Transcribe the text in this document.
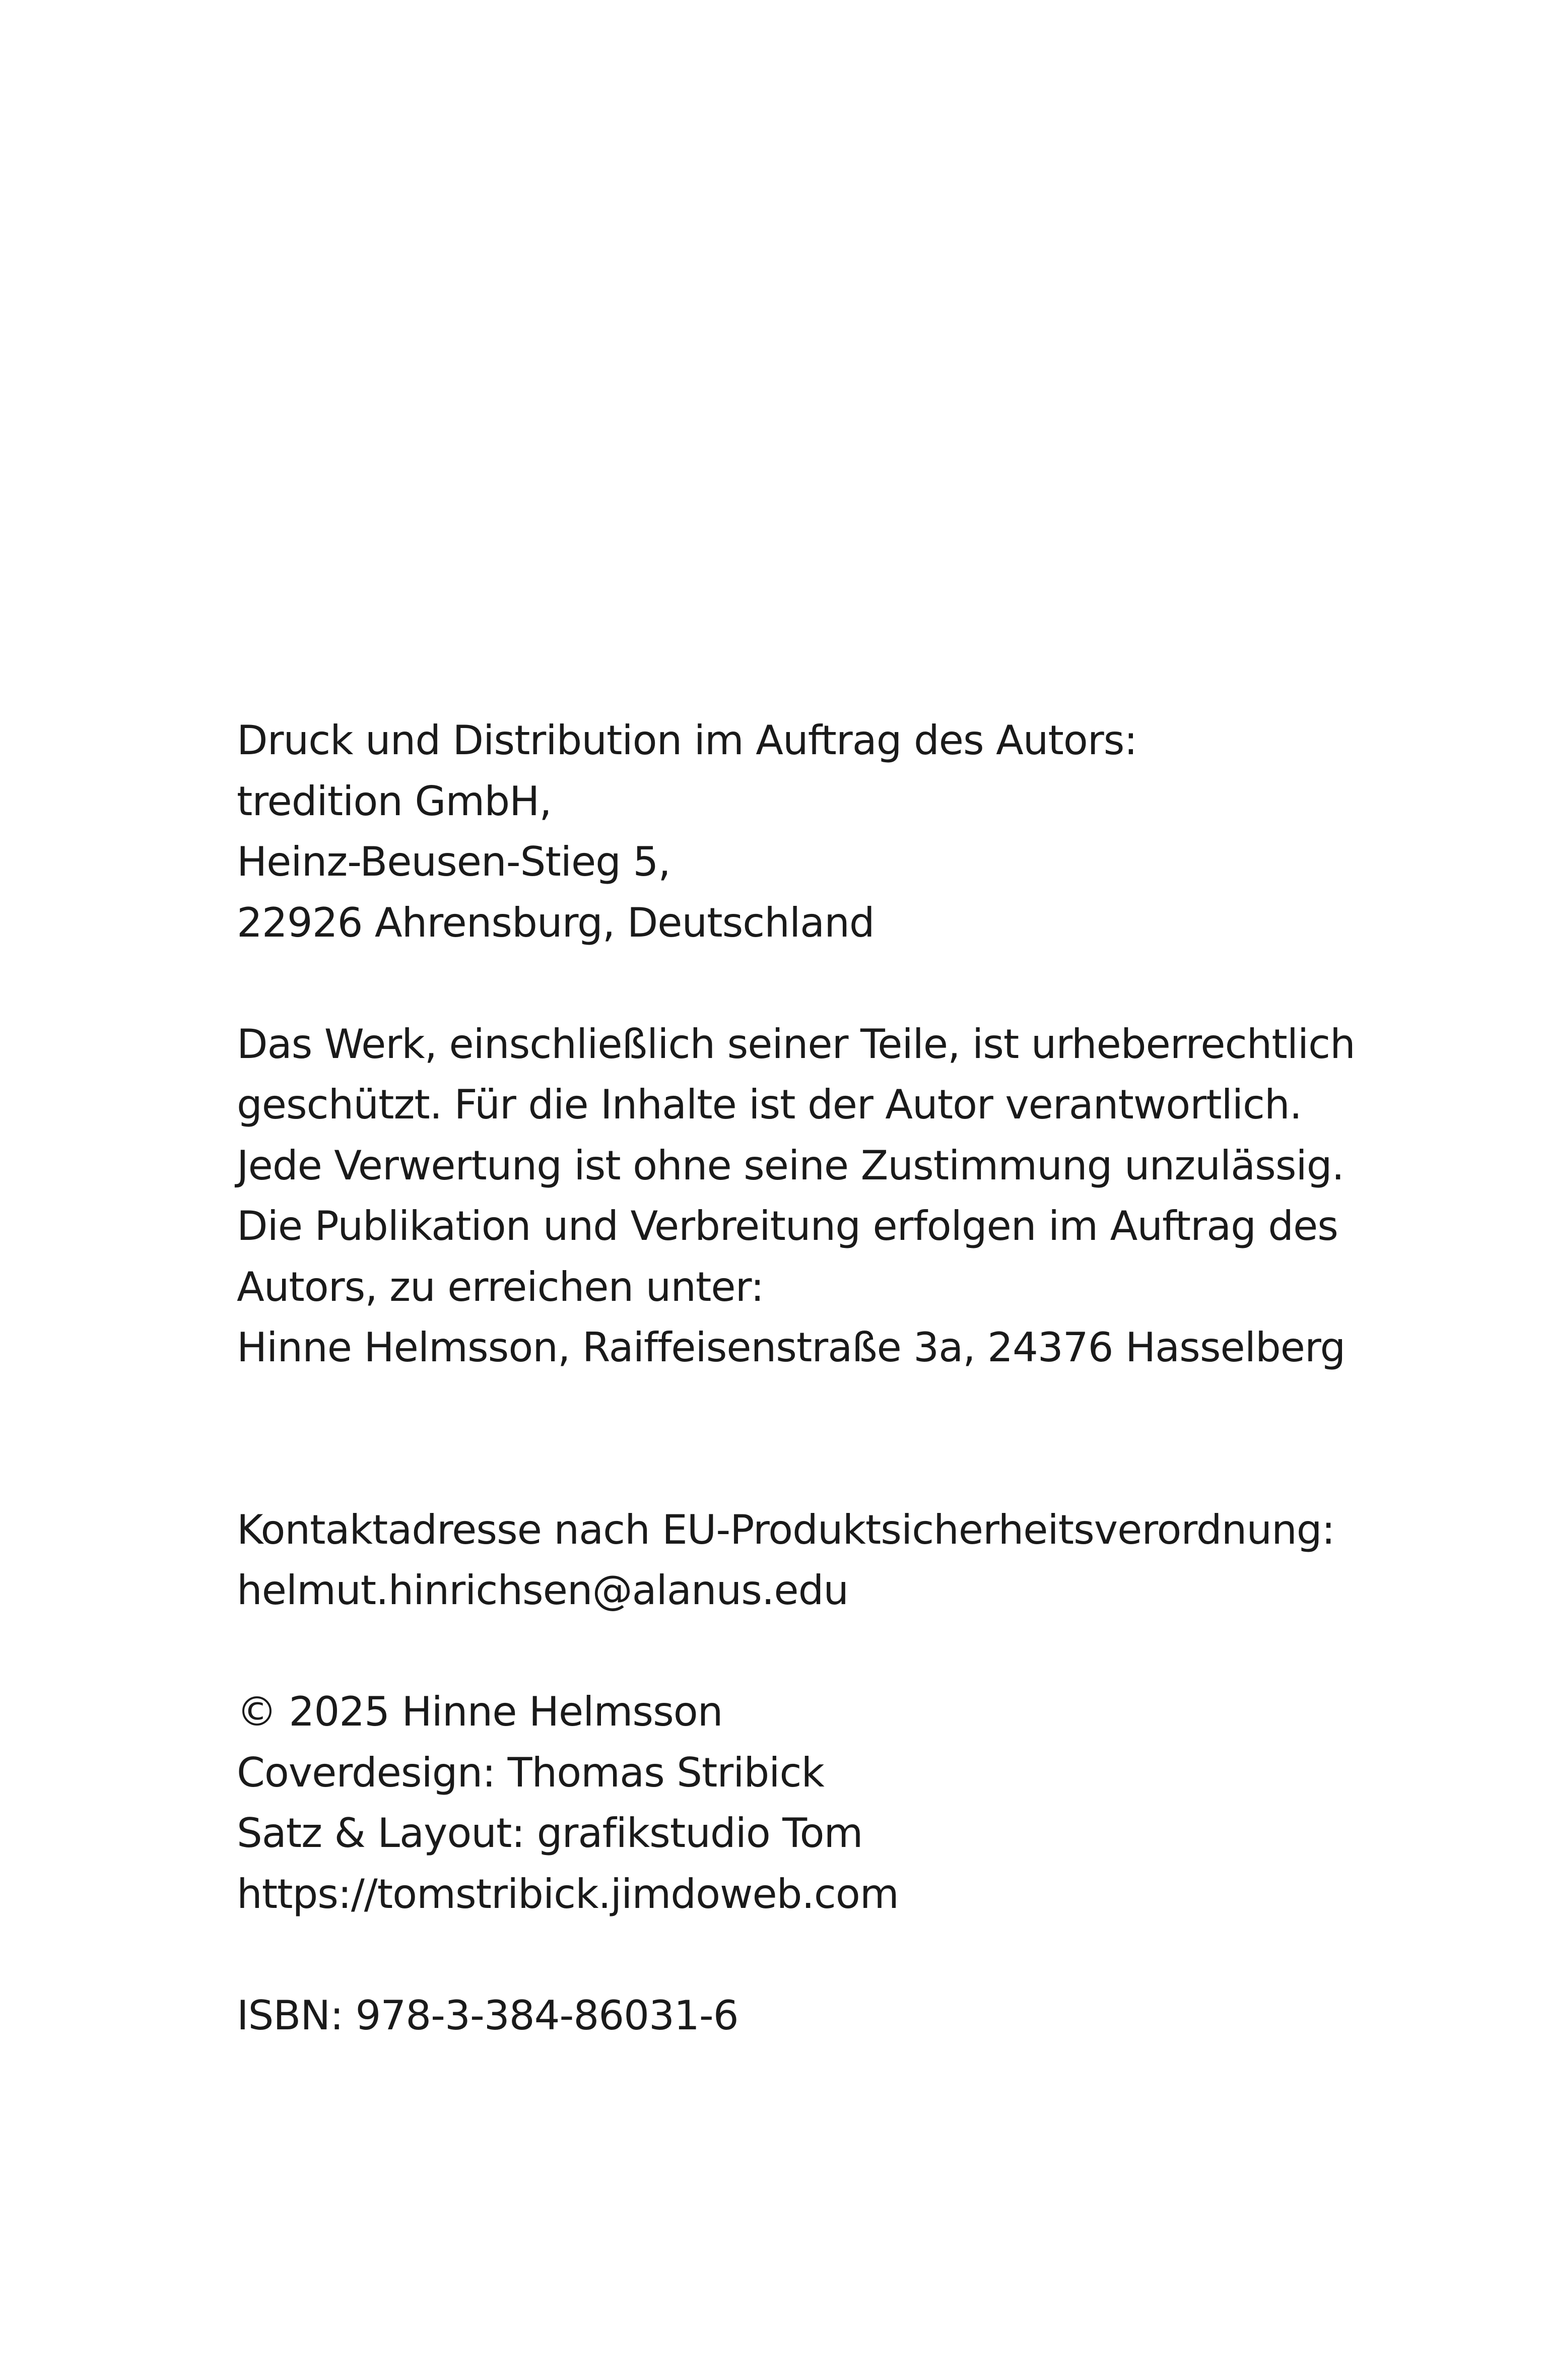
Druck und Distribution im Auftrag des Autors:
tredition GmbH,
Heinz-Beusen-Stieg 5,
22926 Ahrensburg, Deutschland
Das Werk, einschließlich seiner Teile, ist urheberrechtlich
geschützt. Für die Inhalte ist der Autor verantwortlich.
Jede Verwertung ist ohne seine Zustimmung unzulässig.
Die Publikation und Verbreitung erfolgen im Auftrag des
Autors, zu erreichen unter:
Hinne Helmsson, Raiffeisenstraße 3a, 24376 Hasselberg
Kontaktadresse nach EU-Produktsicherheitsverordnung:
helmut.hinrichsen@alanus.edu
© 2025 Hinne Helmsson
Coverdesign: Thomas Stribick
Satz & Layout: grafikstudio Tom
https://tomstribick.jimdoweb.com
ISBN: 978-3-384-86031-6
